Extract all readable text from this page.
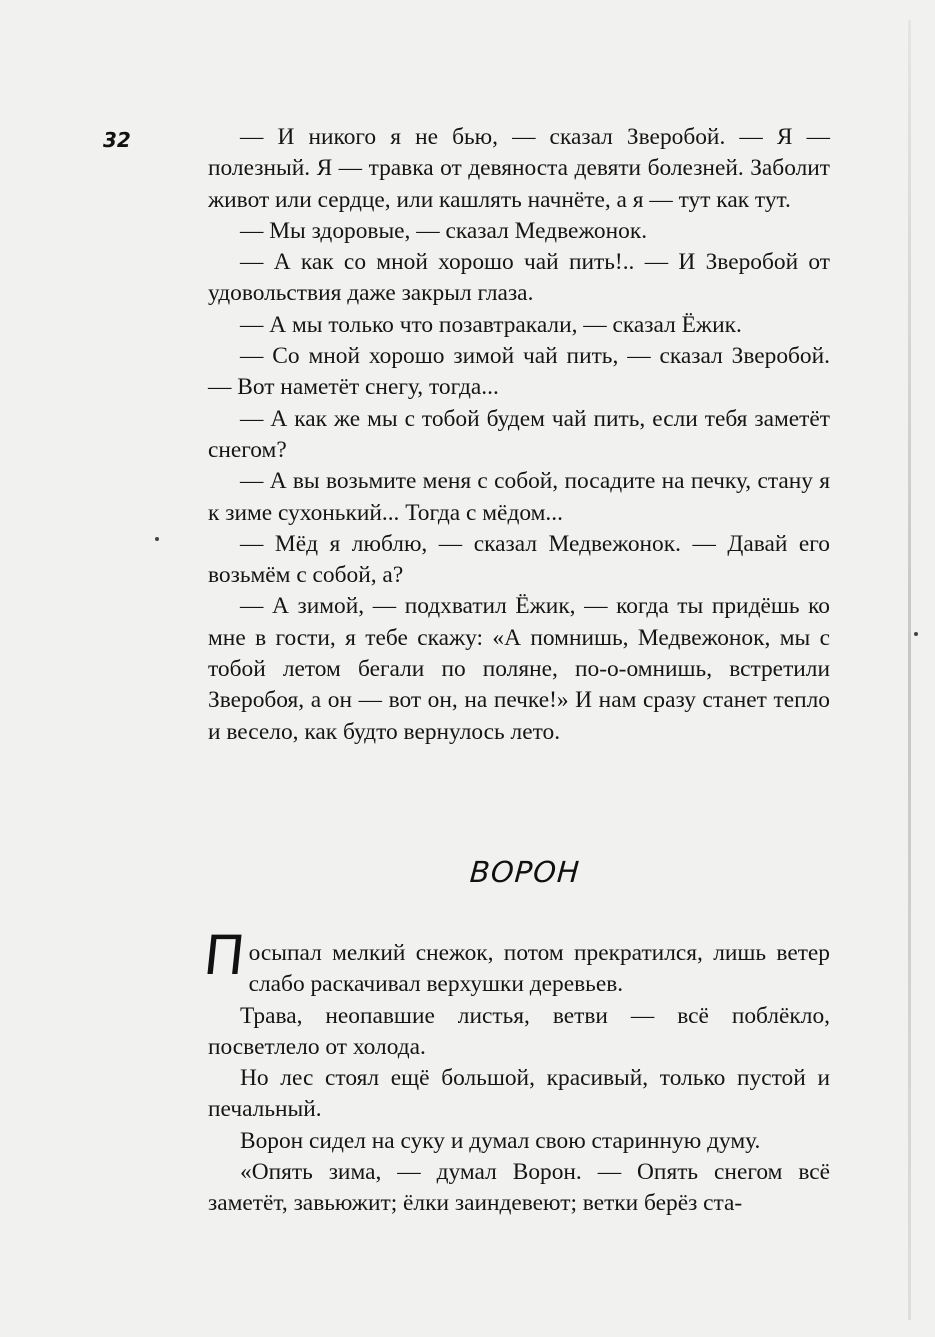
32	— И никого я не бью, — сказал Зверобой. — Я — полезный. Я — травка от девяноста девяти болезней. Заболит живот или сердце, или кашлять начнёте, а я — тут как тут.

— Мы здоровые, — сказал Медвежонок.

— А как со мной хорошо чай пить!.. — И Зверобой от удовольствия даже закрыл глаза.

— А мы только что позавтракали, — сказал Ёжик.

— Со мной хорошо зимой чай пить, — сказал Зверобой. — Вот наметёт снегу, тогда...

— А как же мы с тобой будем чай пить, если тебя заметёт снегом?

— А вы возьмите меня с собой, посадите на печку, стану я к зиме сухонький... Тогда с мёдом...

— Мёд я люблю, — сказал Медвежонок. — Давай его возьмём с собой, а?

— А зимой, — подхватил Ёжик, — когда ты придёшь ко мне в гости, я тебе скажу: «А помнишь, Медвежонок, мы с тобой летом бегали по поляне, по-о-омнишь, встретили Зверобоя, а он — вот он, на печке!» И нам сразу станет тепло и весело, как будто вернулось лето.

ВОРОН

Посыпал мелкий снежок, потом прекратился, лишь ветер слабо раскачивал верхушки деревьев.

Трава, неопавшие листья, ветви — всё поблёкло, посветлело от холода.

Но лес стоял ещё большой, красивый, только пустой и печальный.

Ворон сидел на суку и думал свою старинную думу.

«Опять зима, — думал Ворон. — Опять снегом всё заметёт, завьюжит; ёлки заиндевеют; ветки берёз ста-
